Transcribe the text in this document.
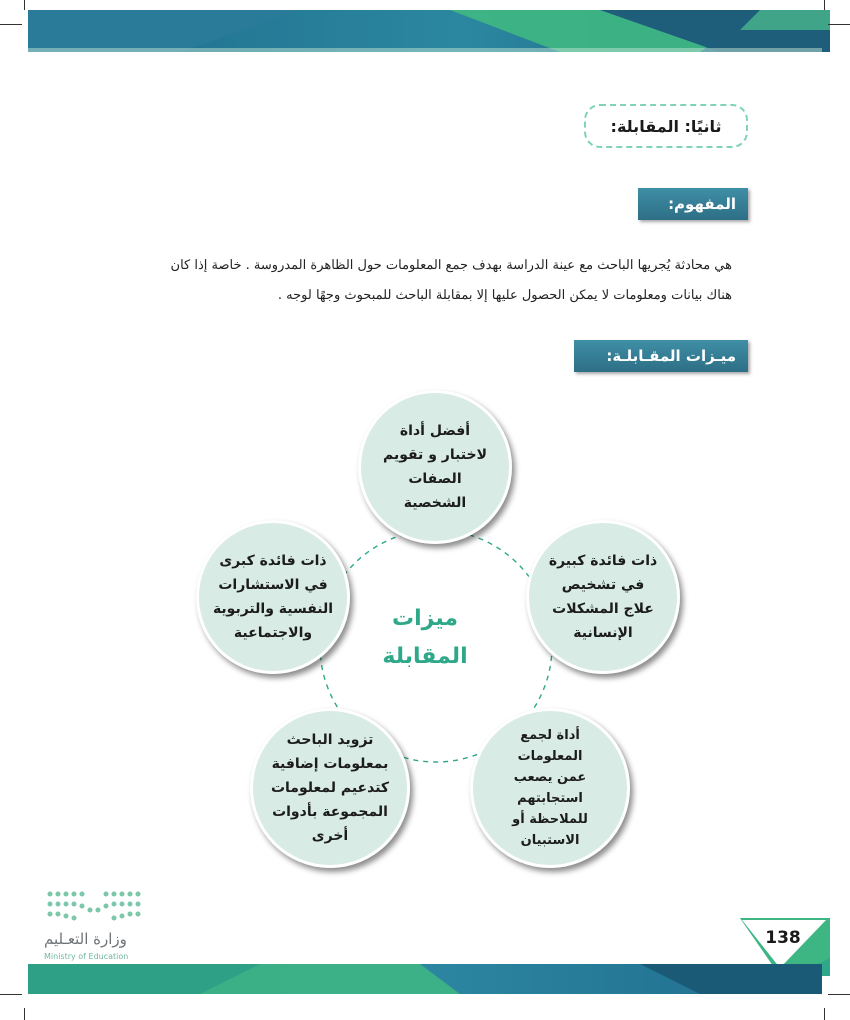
ثانيًا: المقابلة:
المفهوم:
هي محادثة يُجريها الباحث مع عينة الدراسة بهدف جمع المعلومات حول الظاهرة المدروسة . خاصة إذا كان
هناك بيانات ومعلومات لا يمكن الحصول عليها إلا بمقابلة الباحث للمبحوث وجهًا لوجه .
ميـزات المقـابلـة:
أفضل أداة
لاختبار و تقويم
الصفات
الشخصية
ذات فائدة كبيرة
في تشخيص
علاج المشكلات
الإنسانية
أداة لجمع
المعلومات
عمن يصعب
استجابتهم
للملاحظة أو
الاستبيان
تزويد الباحث
بمعلومات إضافية
كتدعيم لمعلومات
المجموعة بأدوات
أخرى
ذات فائدة كبرى
في الاستشارات
النفسية والتربوية
والاجتماعية
ميزات
المقابلة
وزارة التعـليم
Ministry of Education
138
